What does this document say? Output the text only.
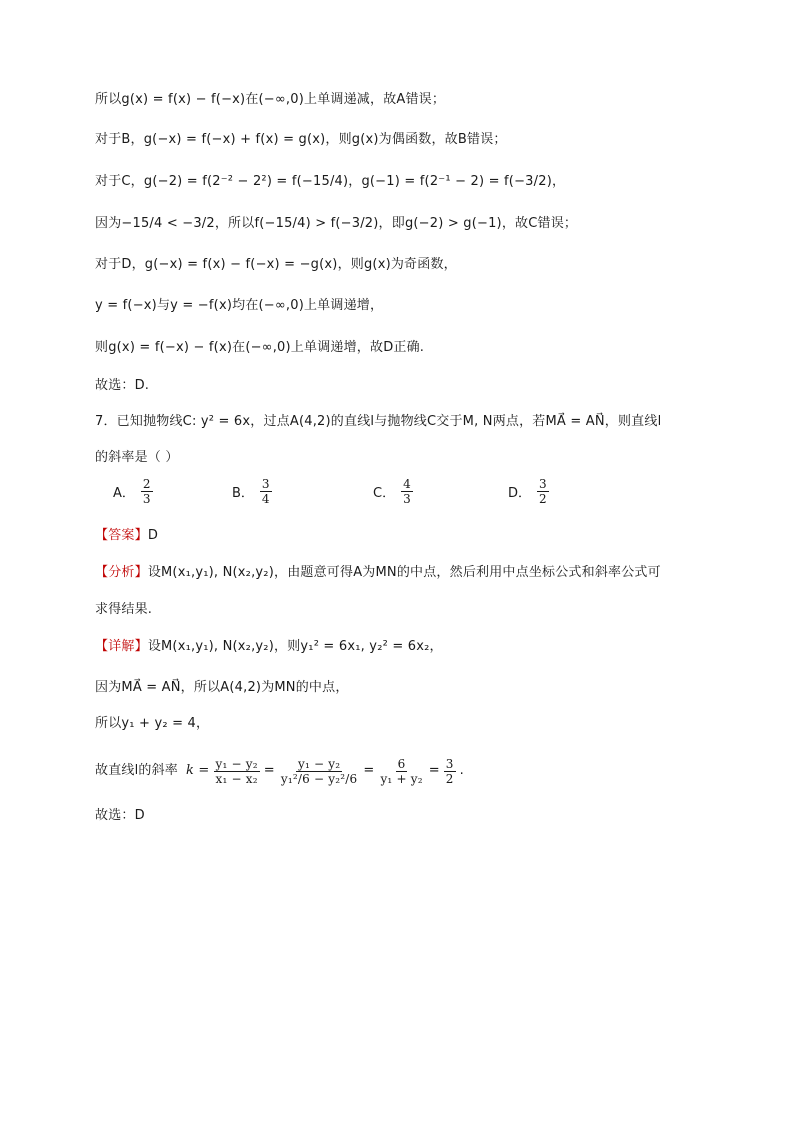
所以g(x) = f(x) − f(−x)在(−∞,0)上单调递减，故A错误；
对于B，g(−x) = f(−x) + f(x) = g(x)，则g(x)为偶函数，故B错误；
对于C，g(−2) = f(2⁻² − 2²) = f(−15/4)，g(−1) = f(2⁻¹ − 2) = f(−3/2)，
因为−15/4 < −3/2，所以f(−15/4) > f(−3/2)，即g(−2) > g(−1)，故C错误；
对于D，g(−x) = f(x) − f(−x) = −g(x)，则g(x)为奇函数，
y = f(−x)与y = −f(x)均在(−∞,0)上单调递增，
则g(x) = f(−x) − f(x)在(−∞,0)上单调递增，故D正确.
故选：D.
7．已知抛物线C: y² = 6x，过点A(4,2)的直线l与抛物线C交于M, N两点，若MA⃗ = AN⃗，则直线l
的斜率是（ ）
A． $\frac{2}{3}$	B． $\frac{3}{4}$	C． $\frac{4}{3}$	D． $\frac{3}{2}$
【答案】D
【分析】设M(x₁,y₁), N(x₂,y₂)，由题意可得A为MN的中点，然后利用中点坐标公式和斜率公式可
求得结果.
【详解】设M(x₁,y₁), N(x₂,y₂)，则y₁² = 6x₁, y₂² = 6x₂，
因为MA⃗ = AN⃗，所以A(4,2)为MN的中点，
所以y₁ + y₂ = 4，
故直线l的斜率 $k = \frac{\text{y₁ − y₂}}{\text{x₁ − x₂}} = \frac{\text{y₁ − y₂}}{\text{y₁²/6 − y₂²/6}} = \frac{6}{\text{y₁ + y₂}} = \frac{3}{2}$ .
故选：D
